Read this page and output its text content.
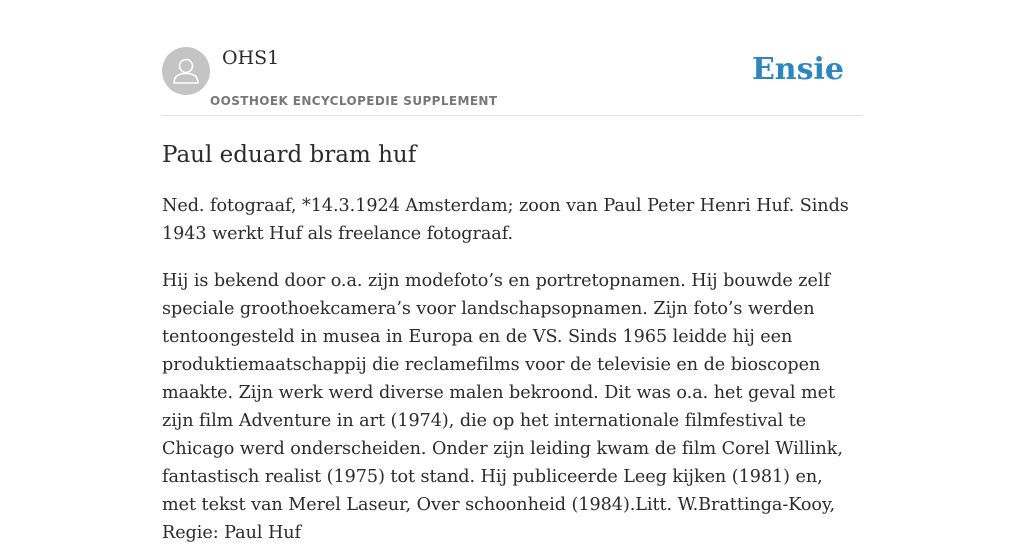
OHS1
OOSTHOEK ENCYCLOPEDIE SUPPLEMENT
Ensie
Paul eduard bram huf

Ned. fotograaf, *14.3.1924 Amsterdam; zoon van Paul Peter Henri Huf. Sinds 1943 werkt Huf als freelance fotograaf.

Hij is bekend door o.a. zijn modefoto’s en portretopnamen. Hij bouwde zelf speciale groothoekcamera’s voor landschapsopnamen. Zijn foto’s werden tentoongesteld in musea in Europa en de VS. Sinds 1965 leidde hij een produktiemaatschappij die reclamefilms voor de televisie en de bioscopen maakte. Zijn werk werd diverse malen bekroond. Dit was o.a. het geval met zijn film Adventure in art (1974), die op het internationale filmfestival te Chicago werd onderscheiden. Onder zijn leiding kwam de film Corel Willink, fantastisch realist (1975) tot stand. Hij publiceerde Leeg kijken (1981) en, met tekst van Merel Laseur, Over schoonheid (1984).Litt. W.Brattinga-Kooy, Regie: Paul Huf
